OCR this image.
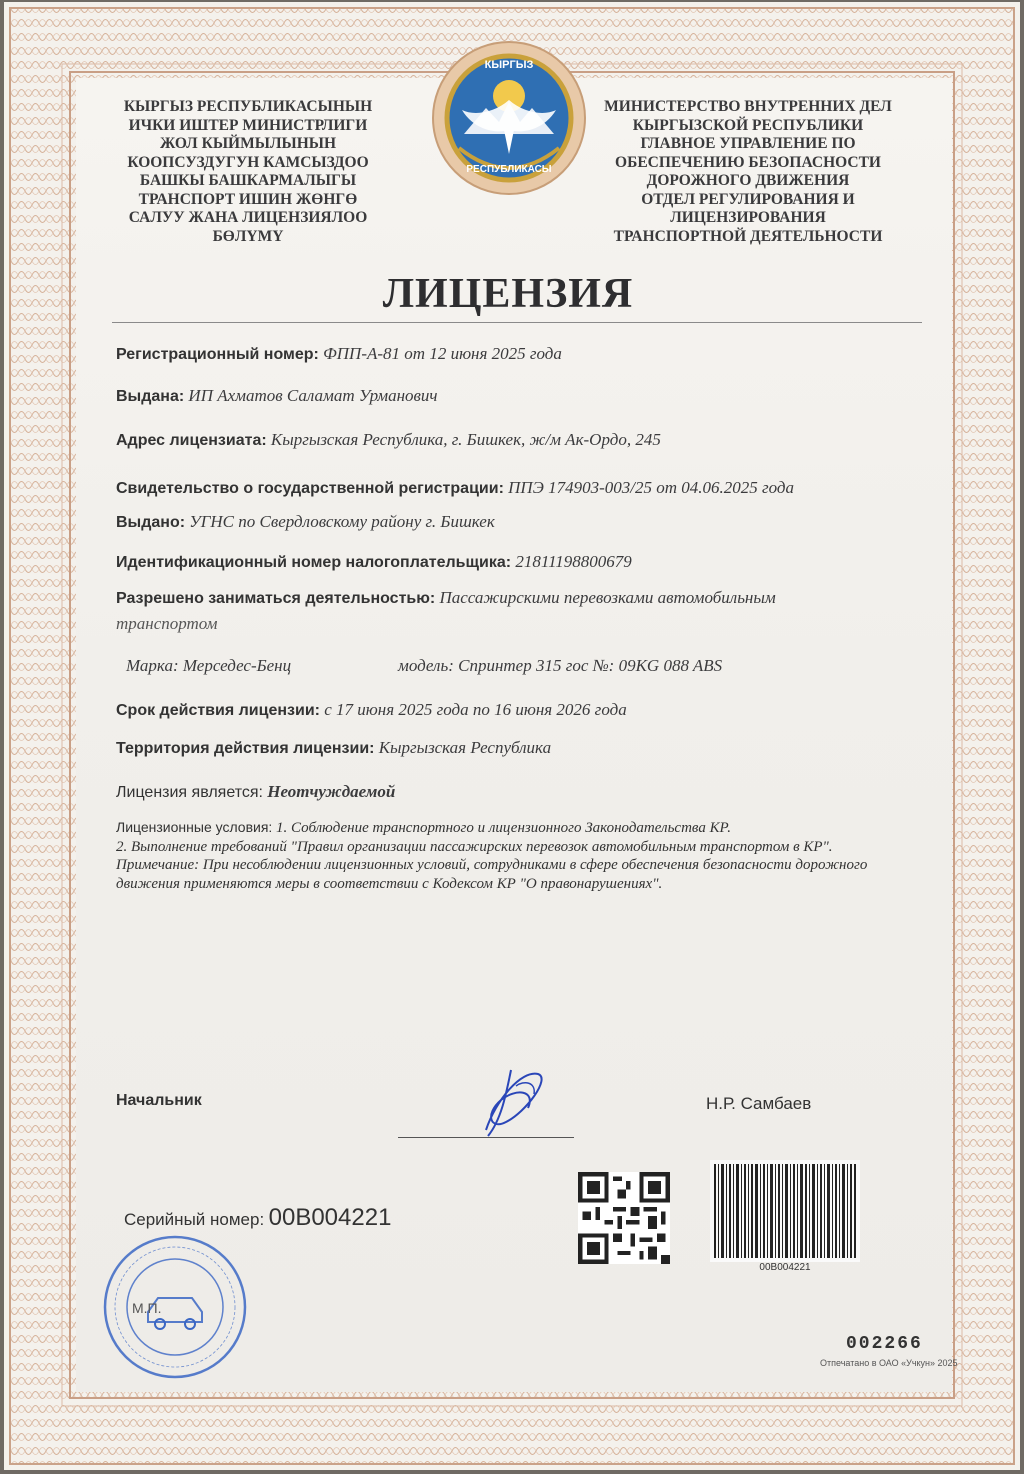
КЫРГЫЗ РЕСПУБЛИКАСЫНЫН
ИЧКИ ИШТЕР МИНИСТРЛИГИ
ЖОЛ КЫЙМЫЛЫНЫН
КООПСУЗДУГУН КАМСЫЗДОО
БАШКЫ БАШКАРМАЛЫГЫ
ТРАНСПОРТ ИШИН ЖӨНГӨ
САЛУУ ЖАНА ЛИЦЕНЗИЯЛОО БӨЛҮМҮ
КЫРГЫЗ
РЕСПУБЛИКАСЫ
МИНИСТЕРСТВО ВНУТРЕННИХ ДЕЛ
КЫРГЫЗСКОЙ РЕСПУБЛИКИ
ГЛАВНОЕ УПРАВЛЕНИЕ ПО
ОБЕСПЕЧЕНИЮ БЕЗОПАСНОСТИ
ДОРОЖНОГО ДВИЖЕНИЯ
ОТДЕЛ РЕГУЛИРОВАНИЯ И
ЛИЦЕНЗИРОВАНИЯ
ТРАНСПОРТНОЙ ДЕЯТЕЛЬНОСТИ
ЛИЦЕНЗИЯ
Регистрационный номер: ФПП-А-81 от 12 июня 2025 года
Выдана: ИП Ахматов Саламат Урманович
Адрес лицензиата: Кыргызская Республика, г. Бишкек, ж/м Ак-Ордо, 245
Свидетельство о государственной регистрации: ППЭ 174903-003/25 от 04.06.2025 года
Выдано: УГНС по Свердловскому району г. Бишкек
Идентификационный номер налогоплательщика: 21811198800679
Разрешено заниматься деятельностью: Пассажирскими перевозками автомобильным
транспортом
Марка: Мерседес-Бенц	модель: Спринтер 315 гос №: 09KG 088 ABS
Срок действия лицензии: с 17 июня 2025 года по 16 июня 2026 года
Территория действия лицензии: Кыргызская Республика
Лицензия является: Неотчуждаемой
Лицензионные условия: 1. Соблюдение транспортного и лицензионного Законодательства КР.
2. Выполнение требований "Правил организации пассажирских перевозок автомобильным транспортом в КР".
Примечание: При несоблюдении лицензионных условий, сотрудниками в сфере обеспечения безопасности дорожного движения применяются меры в соответствии с Кодексом КР "О правонарушениях".
Начальник	Н.Р. Самбаев
Серийный номер: 00B004221
00B004221
М.П.
002266
Отпечатано в ОАО «Учкун» 2025
